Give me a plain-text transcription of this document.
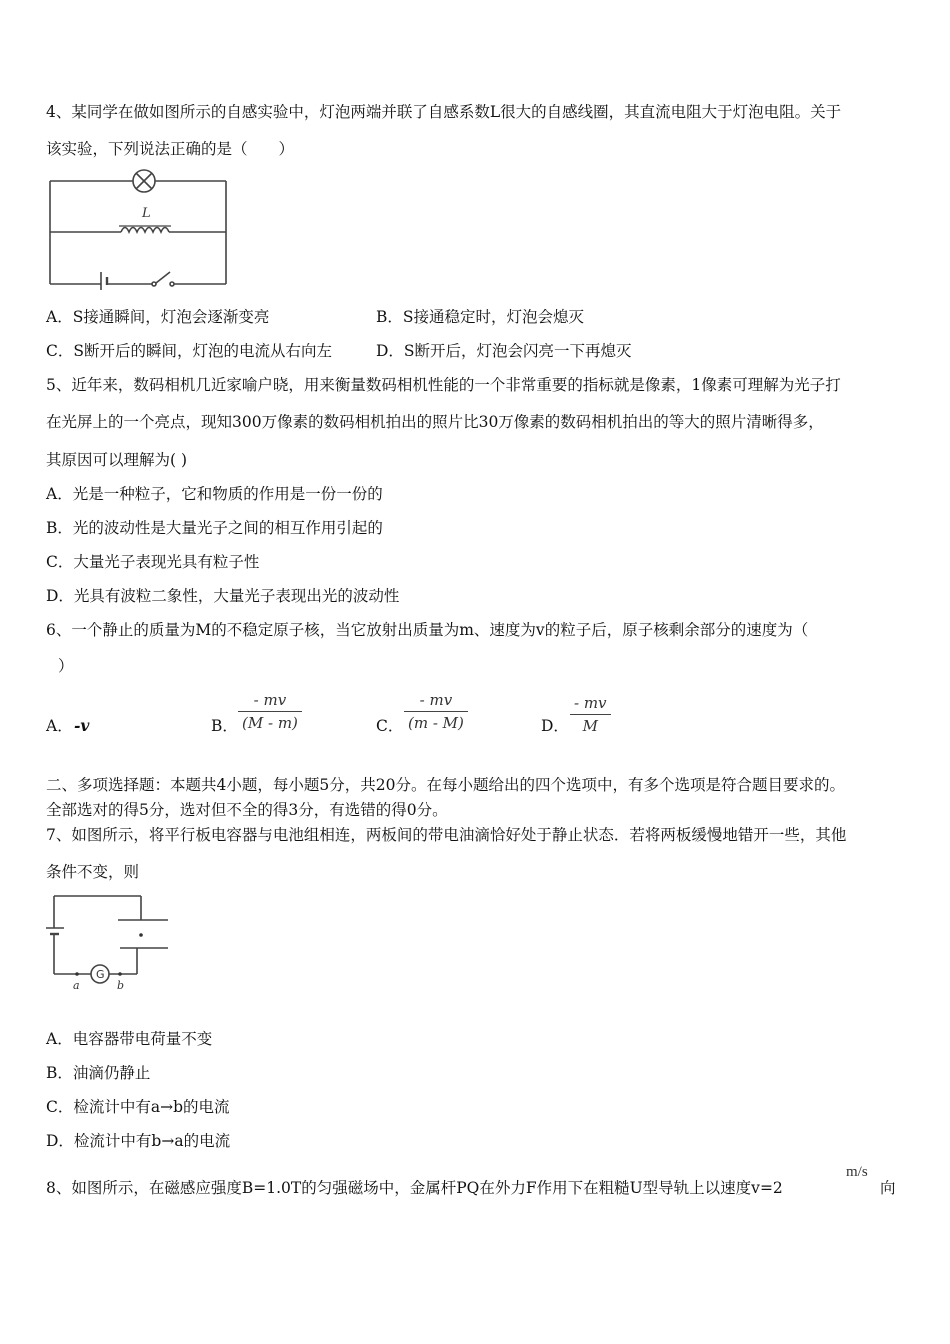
4、某同学在做如图所示的自感实验中，灯泡两端并联了自感系数L很大的自感线圈，其直流电阻大于灯泡电阻。关于
该实验，下列说法正确的是（　　）
L
A．S接通瞬间，灯泡会逐渐变亮	B．S接通稳定时，灯泡会熄灭
C．S断开后的瞬间，灯泡的电流从右向左	D．S断开后，灯泡会闪亮一下再熄灭
5、近年来，数码相机几近家喻户晓，用来衡量数码相机性能的一个非常重要的指标就是像素，1像素可理解为光子打
在光屏上的一个亮点，现知300万像素的数码相机拍出的照片比30万像素的数码相机拍出的等大的照片清晰得多，
其原因可以理解为( )
A．光是一种粒子，它和物质的作用是一份一份的
B．光的波动性是大量光子之间的相互作用引起的
C．大量光子表现光具有粒子性
D．光具有波粒二象性，大量光子表现出光的波动性
6、一个静止的质量为M的不稳定原子核，当它放射出质量为m、速度为v的粒子后，原子核剩余部分的速度为（
）
A． -v	B． $\frac{- mv}{(M - m)}$	C． $\frac{- mv}{(m - M)}$	D． $\frac{- mv}{M}$
二、多项选择题：本题共4小题，每小题5分，共20分。在每小题给出的四个选项中，有多个选项是符合题目要求的。
全部选对的得5分，选对但不全的得3分，有选错的得0分。
7、如图所示，将平行板电容器与电池组相连，两板间的带电油滴恰好处于静止状态．若将两板缓慢地错开一些，其他
条件不变，则
G
a	b
A．电容器带电荷量不变
B．油滴仍静止
C．检流计中有a→b的电流
D．检流计中有b→a的电流
8、如图所示，在磁感应强度B=1.0T的匀强磁场中，金属杆PQ在外力F作用下在粗糙U型导轨上以速度v=2
m/s
向
